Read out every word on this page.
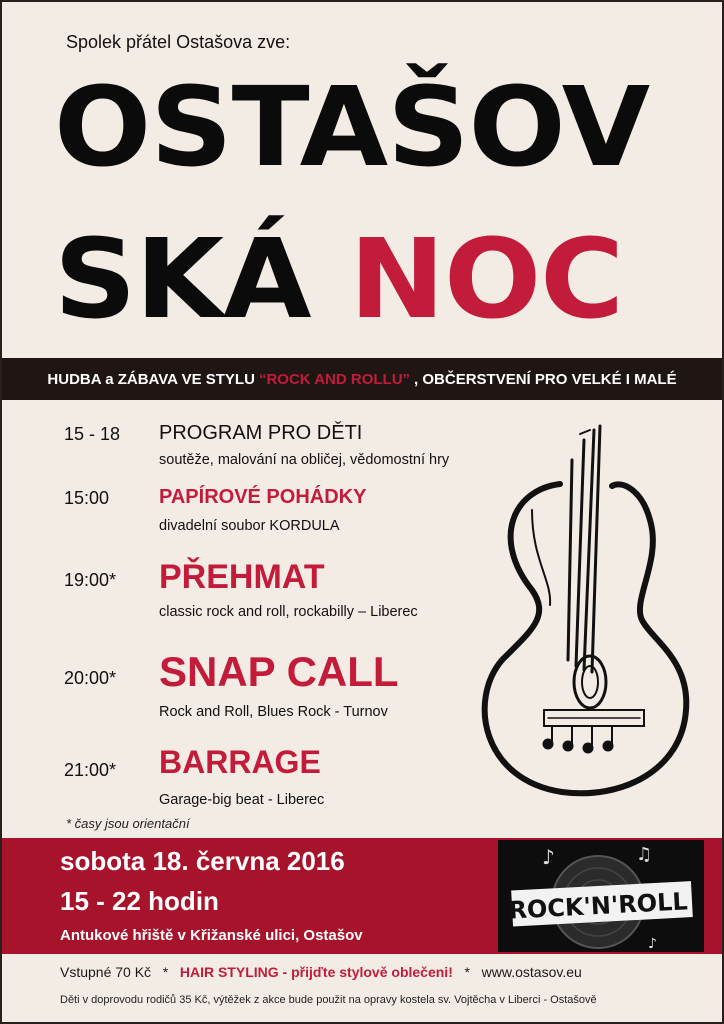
Spolek přátel Ostašova zve:
OSTAŠOV
SKÁ NOC
HUDBA a ZÁBAVA VE STYLU “ROCK AND ROLLU” , OBČERSTVENÍ PRO VELKÉ I MALÉ
15 - 18 PROGRAM PRO DĚTI
soutěže, malování na obličej, vědomostní hry
15:00 PAPÍROVÉ POHÁDKY
divadelní soubor KORDULA
19:00* PŘEHMAT
classic rock and roll, rockabilly – Liberec
20:00* SNAP CALL
Rock and Roll, Blues Rock - Turnov
21:00* BARRAGE
Garage-big beat - Liberec
* časy jsou orientační
sobota 18. června 2016
15 - 22 hodin
Antukové hřiště v Křižanské ulici, Ostašov
♪	♫
♪
ROCK'N'ROLL
Vstupné 70 Kč * HAIR STYLING - přijďte stylově oblečeni! * www.ostasov.eu
Děti v doprovodu rodičů 35 Kč, výtěžek z akce bude použit na opravy kostela sv. Vojtěcha v Liberci - Ostašově
